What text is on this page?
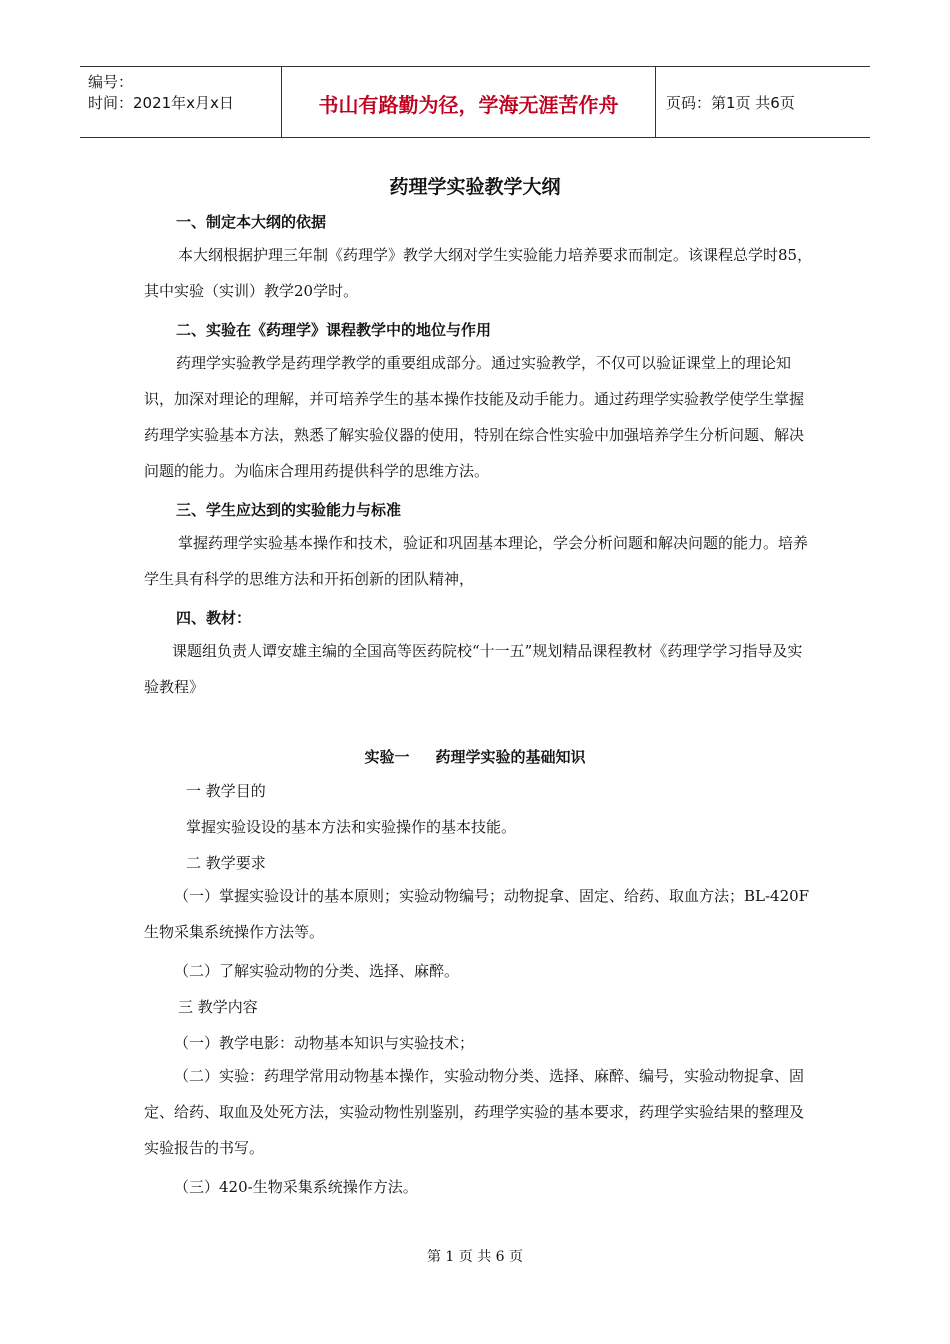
编号：
时间：2021年x月x日	书山有路勤为径，学海无涯苦作舟	页码：第1页 共6页
药理学实验教学大纲
一、制定本大纲的依据

本大纲根据护理三年制《药理学》教学大纲对学生实验能力培养要求而制定。该课程总学时85，其中实验（实训）教学20学时。

二、实验在《药理学》课程教学中的地位与作用

药理学实验教学是药理学教学的重要组成部分。通过实验教学，不仅可以验证课堂上的理论知识，加深对理论的理解，并可培养学生的基本操作技能及动手能力。通过药理学实验教学使学生掌握药理学实验基本方法，熟悉了解实验仪器的使用，特别在综合性实验中加强培养学生分析问题、解决问题的能力。为临床合理用药提供科学的思维方法。

三、学生应达到的实验能力与标准

掌握药理学实验基本操作和技术，验证和巩固基本理论，学会分析问题和解决问题的能力。培养学生具有科学的思维方法和开拓创新的团队精神，

四、教材：

课题组负责人谭安雄主编的全国高等医药院校“十一五”规划精品课程教材《药理学学习指导及实验教程》

实验一 药理学实验的基础知识
一 教学目的
掌握实验设设的基本方法和实验操作的基本技能。
二 教学要求

（一）掌握实验设计的基本原则；实验动物编号；动物捉拿、固定、给药、取血方法；BL-420F生物采集系统操作方法等。

（二）了解实验动物的分类、选择、麻醉。
三 教学内容
（一）教学电影：动物基本知识与实验技术；

（二）实验：药理学常用动物基本操作，实验动物分类、选择、麻醉、编号，实验动物捉拿、固定、给药、取血及处死方法，实验动物性别鉴别，药理学实验的基本要求，药理学实验结果的整理及实验报告的书写。

（三）420-生物采集系统操作方法。
第 1 页 共 6 页
